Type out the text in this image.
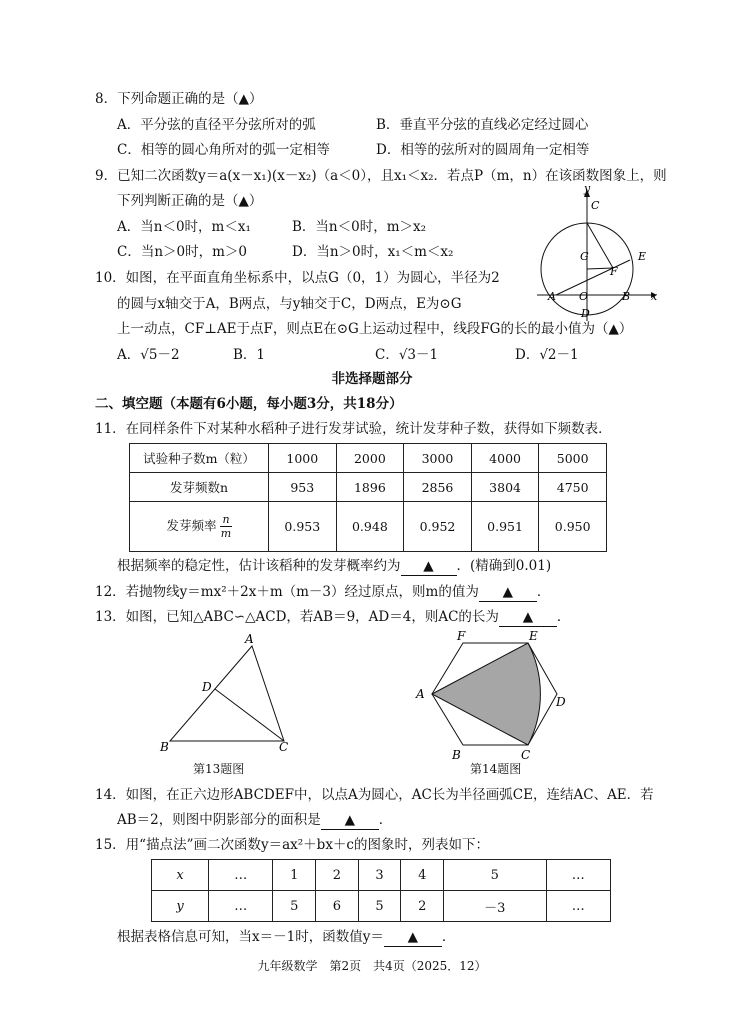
8．下列命题正确的是（▲）
A．平分弦的直径平分弦所对的弧	B．垂直平分弦的直线必定经过圆心
C．相等的圆心角所对的弧一定相等	D．相等的弦所对的圆周角一定相等
9．已知二次函数y＝a(x－x₁)(x－x₂)（a＜0），且x₁＜x₂．若点P（m，n）在该函数图象上，则
下列判断正确的是（▲）
A．当n＜0时，m＜x₁	B．当n＜0时，m＞x₂
C．当n＞0时，m＞0	D．当n＞0时，x₁＜m＜x₂
y
x
C
G	E
F
A O	B
D
10．如图，在平面直角坐标系中，以点G（0，1）为圆心，半径为2
的圆与x轴交于A，B两点，与y轴交于C，D两点，E为⊙G
上一动点，CF⊥AE于点F，则点E在⊙G上运动过程中，线段FG的长的最小值为（▲）
A．√5－2	B．1	C．√3－1	D．√2－1
非选择题部分
二、填空题（本题有6小题，每小题3分，共18分）
11．在同样条件下对某种水稻种子进行发芽试验，统计发芽种子数，获得如下频数表．
试验种子数m（粒）	1000	2000	3000	4000	5000
发芽频数n	953	1896	2856	3804	4750
发芽频率 $\frac{n}{m}$	0.953	0.948	0.952	0.951	0.950
根据频率的稳定性，估计该稻种的发芽概率约为 ▲ ．(精确到0.01)
12．若抛物线y＝mx²＋2x＋m（m－3）经过原点，则m的值为 ▲ ．
13．如图，已知△ABC∽△ACD，若AB＝9，AD＝4，则AC的长为 ▲ ．
A
D
B	C
第13题图
F	E
A
D
B	C
第14题图
14．如图，在正六边形ABCDEF中，以点A为圆心，AC长为半径画弧CE，连结AC、AE．若
AB＝2，则图中阴影部分的面积是 ▲ ．
15．用“描点法”画二次函数y＝ax²＋bx＋c的图象时，列表如下：
x	…	1	2	3	4	5	…
y	…	5	6	5	2	－3	…
根据表格信息可知，当x＝－1时，函数值y＝ ▲ ．
九年级数学　第2页　共4页（2025．12）
